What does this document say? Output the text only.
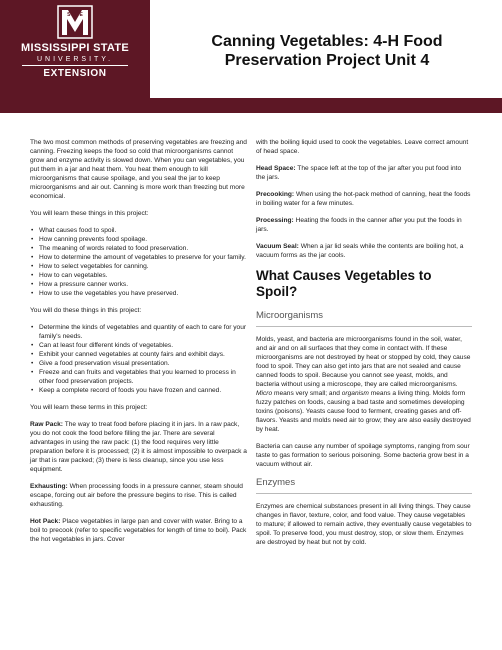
STATE
MISSISSIPPI STATE
UNIVERSITY.
EXTENSION
Canning Vegetables: 4-H Food
Preservation Project Unit 4

The two most common methods of preserving vegetables are freezing and canning. Freezing keeps the food so cold that microorganisms cannot grow and enzyme activity is slowed down. When you can vegetables, you put them in a jar and heat them. You heat them enough to kill microorganisms that cause spoilage, and you seal the jar to keep microorganisms and air out. Canning is more work than freezing but more economical.

You will learn these things in this project:

• What causes food to spoil.
• How canning prevents food spoilage.
• The meaning of words related to food preservation.
• How to determine the amount of vegetables to preserve for your family.
• How to select vegetables for canning.
• How to can vegetables.
• How a pressure canner works.
• How to use the vegetables you have preserved.

You will do these things in this project:

• Determine the kinds of vegetables and quantity of each to care for your family's needs.
• Can at least four different kinds of vegetables.
• Exhibit your canned vegetables at county fairs and exhibit days.
• Give a food preservation visual presentation.
• Freeze and can fruits and vegetables that you learned to process in other food preservation projects.
• Keep a complete record of foods you have frozen and canned.

You will learn these terms in this project:

Raw Pack: The way to treat food before placing it in jars. In a raw pack, you do not cook the food before filling the jar. There are several advantages in using the raw pack: (1) the food requires very little preparation before it is processed; (2) it is almost impossible to overpack a jar that is raw packed; (3) there is less cleanup, since you use less equipment.

Exhausting: When processing foods in a pressure canner, steam should escape, forcing out air before the pressure begins to rise. This is called exhausting.

Hot Pack: Place vegetables in large pan and cover with water. Bring to a boil to precook (refer to specific vegetables for length of time to boil). Pack the hot vegetables in jars. Cover

with the boiling liquid used to cook the vegetables. Leave correct amount of head space.

Head Space: The space left at the top of the jar after you put food into the jars.

Precooking: When using the hot-pack method of canning, heat the foods in boiling water for a few minutes.

Processing: Heating the foods in the canner after you put the foods in jars.

Vacuum Seal: When a jar lid seals while the contents are boiling hot, a vacuum forms as the jar cools.

What Causes Vegetables to Spoil?
Microorganisms

Molds, yeast, and bacteria are microorganisms found in the soil, water, and air and on all surfaces that they come in contact with. If these microorganisms are not destroyed by heat or stopped by cold, they cause food to spoil. They can also get into jars that are not sealed and cause canned foods to spoil. Because you cannot see yeast, molds, and bacteria without using a microscope, they are called microorganisms. Micro means very small; and organism means a living thing. Molds form fuzzy patches on foods, causing a bad taste and sometimes developing toxins (poisons). Yeasts cause food to ferment, creating gases and off-flavors. Yeasts and molds need air to grow; they are also easily destroyed by heat.

Bacteria can cause any number of spoilage symptoms, ranging from sour taste to gas formation to serious poisoning. Some bacteria grow best in a vacuum without air.

Enzymes

Enzymes are chemical substances present in all living things. They cause changes in flavor, texture, color, and food value. They cause vegetables to mature; if allowed to remain active, they eventually cause vegetables to spoil. To preserve food, you must destroy, stop, or slow them. Enzymes are destroyed by heat but not by cold.
